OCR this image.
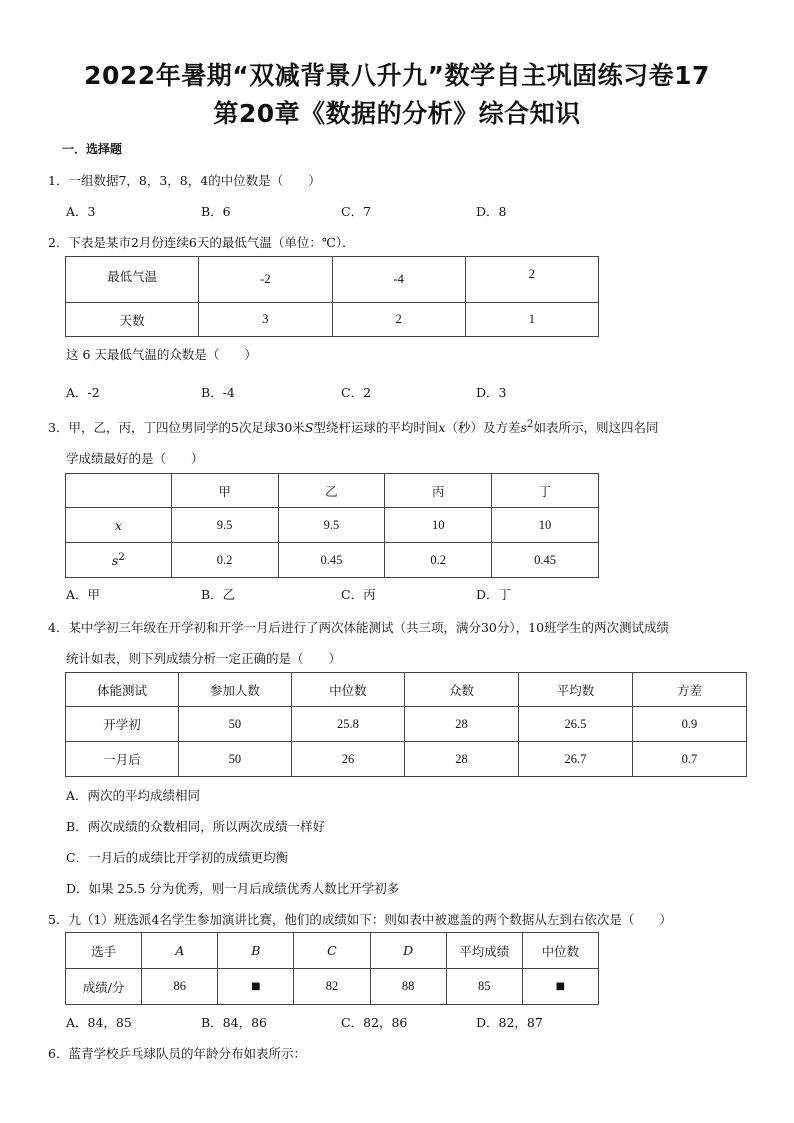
2022年暑期“双减背景八升九”数学自主巩固练习卷17
第20章《数据的分析》综合知识
一．选择题
1．一组数据7，8，3，8，4的中位数是（　　）
A．3	B．6	C．7	D．8
2．下表是某市2月份连续6天的最低气温（单位：℃）．
最低气温	-2	-4	2
天数	3	2	1
这 6 天最低气温的众数是（　　）
A．-2	B．-4	C．2	D．3
3．甲，乙，丙，丁四位男同学的5次足球30米S型绕杆运球的平均时间x（秒）及方差$s^2$如表所示，则这四名同
学成绩最好的是（　　）
	甲	乙	丙	丁
x	9.5	9.5	10	10
$s^2$	0.2	0.45	0.2	0.45
A．甲	B．乙	C．丙	D．丁
4．某中学初三年级在开学初和开学一月后进行了两次体能测试（共三项，满分30分），10班学生的两次测试成绩
统计如表，则下列成绩分析一定正确的是（　　）
体能测试	参加人数	中位数	众数	平均数	方差
开学初	50	25.8	28	26.5	0.9
一月后	50	26	28	26.7	0.7
A．两次的平均成绩相同
B．两次成绩的众数相同，所以两次成绩一样好
C．一月后的成绩比开学初的成绩更均衡
D．如果 25.5 分为优秀，则一月后成绩优秀人数比开学初多
5．九（1）班选派4名学生参加演讲比赛，他们的成绩如下：则如表中被遮盖的两个数据从左到右依次是（　　）
选手	A	B	C	D	平均成绩	中位数
成绩/分	86	■	82	88	85	■
A．84，85	B．84，86	C．82，86	D．82，87
6．蓝青学校乒乓球队员的年龄分布如表所示：
